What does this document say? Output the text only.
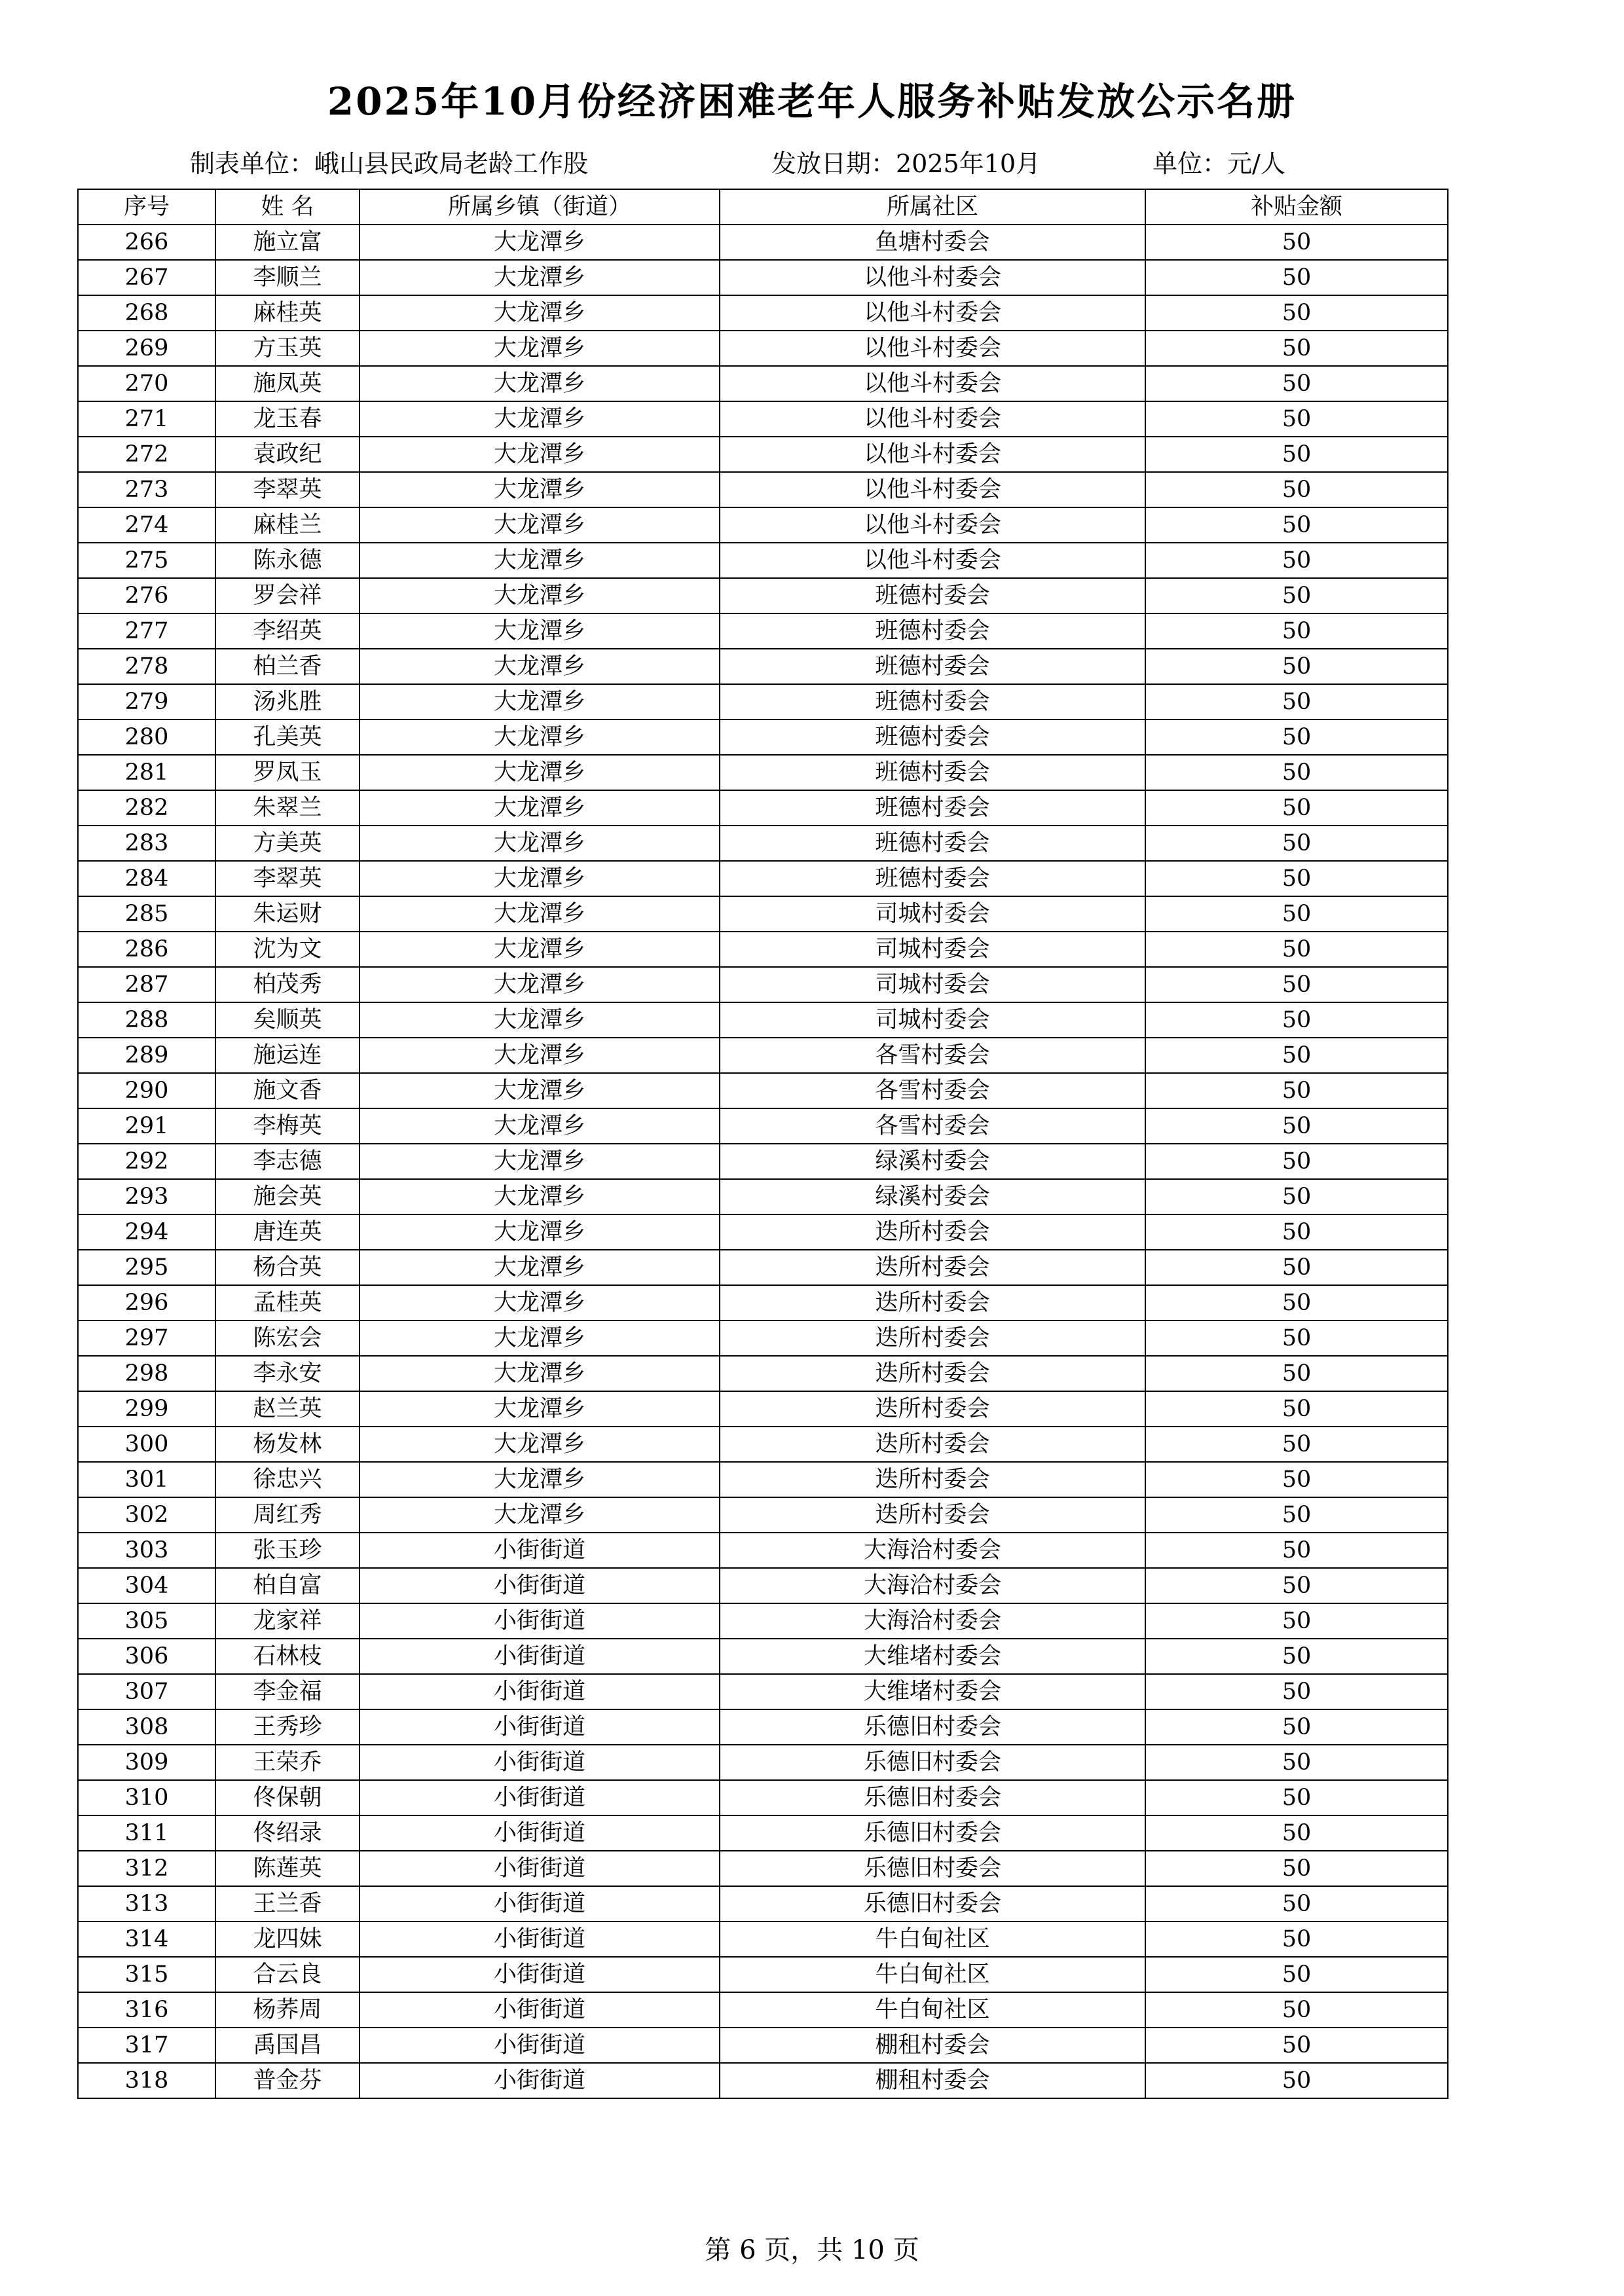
2025年10月份经济困难老年人服务补贴发放公示名册
制表单位：峨山县民政局老龄工作股	发放日期：2025年10月	单位：元/人
序号	姓 名	所属乡镇（街道）	所属社区	补贴金额
266	施立富	大龙潭乡	鱼塘村委会	50
267	李顺兰	大龙潭乡	以他斗村委会	50
268	麻桂英	大龙潭乡	以他斗村委会	50
269	方玉英	大龙潭乡	以他斗村委会	50
270	施凤英	大龙潭乡	以他斗村委会	50
271	龙玉春	大龙潭乡	以他斗村委会	50
272	袁政纪	大龙潭乡	以他斗村委会	50
273	李翠英	大龙潭乡	以他斗村委会	50
274	麻桂兰	大龙潭乡	以他斗村委会	50
275	陈永德	大龙潭乡	以他斗村委会	50
276	罗会祥	大龙潭乡	班德村委会	50
277	李绍英	大龙潭乡	班德村委会	50
278	柏兰香	大龙潭乡	班德村委会	50
279	汤兆胜	大龙潭乡	班德村委会	50
280	孔美英	大龙潭乡	班德村委会	50
281	罗凤玉	大龙潭乡	班德村委会	50
282	朱翠兰	大龙潭乡	班德村委会	50
283	方美英	大龙潭乡	班德村委会	50
284	李翠英	大龙潭乡	班德村委会	50
285	朱运财	大龙潭乡	司城村委会	50
286	沈为文	大龙潭乡	司城村委会	50
287	柏茂秀	大龙潭乡	司城村委会	50
288	矣顺英	大龙潭乡	司城村委会	50
289	施运连	大龙潭乡	各雪村委会	50
290	施文香	大龙潭乡	各雪村委会	50
291	李梅英	大龙潭乡	各雪村委会	50
292	李志德	大龙潭乡	绿溪村委会	50
293	施会英	大龙潭乡	绿溪村委会	50
294	唐连英	大龙潭乡	迭所村委会	50
295	杨合英	大龙潭乡	迭所村委会	50
296	孟桂英	大龙潭乡	迭所村委会	50
297	陈宏会	大龙潭乡	迭所村委会	50
298	李永安	大龙潭乡	迭所村委会	50
299	赵兰英	大龙潭乡	迭所村委会	50
300	杨发林	大龙潭乡	迭所村委会	50
301	徐忠兴	大龙潭乡	迭所村委会	50
302	周红秀	大龙潭乡	迭所村委会	50
303	张玉珍	小街街道	大海洽村委会	50
304	柏自富	小街街道	大海洽村委会	50
305	龙家祥	小街街道	大海洽村委会	50
306	石林枝	小街街道	大维堵村委会	50
307	李金福	小街街道	大维堵村委会	50
308	王秀珍	小街街道	乐德旧村委会	50
309	王荣乔	小街街道	乐德旧村委会	50
310	佟保朝	小街街道	乐德旧村委会	50
311	佟绍录	小街街道	乐德旧村委会	50
312	陈莲英	小街街道	乐德旧村委会	50
313	王兰香	小街街道	乐德旧村委会	50
314	龙四妹	小街街道	牛白甸社区	50
315	合云良	小街街道	牛白甸社区	50
316	杨荞周	小街街道	牛白甸社区	50
317	禹国昌	小街街道	棚租村委会	50
318	普金芬	小街街道	棚租村委会	50
第 6 页，共 10 页
